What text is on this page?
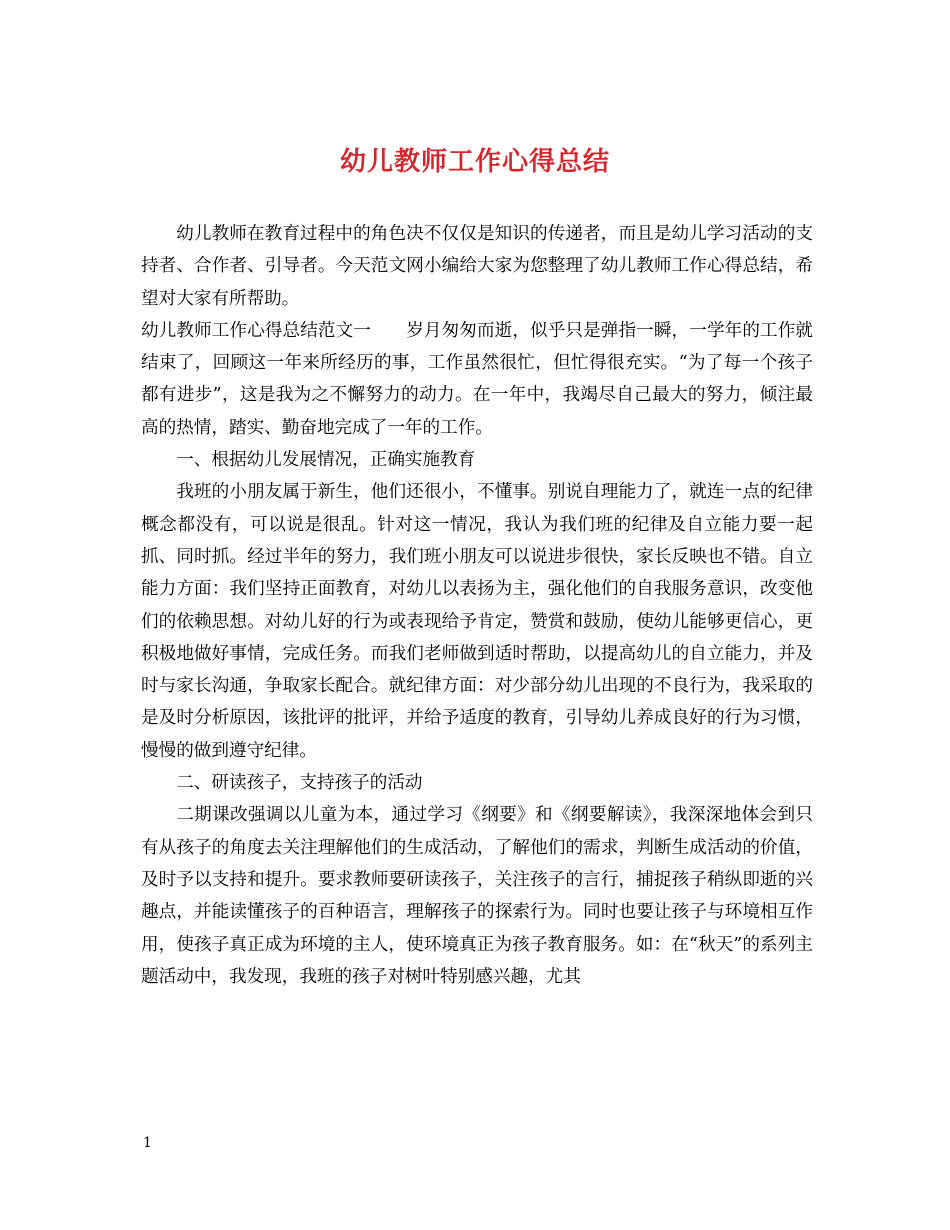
幼儿教师工作心得总结

幼儿教师在教育过程中的角色决不仅仅是知识的传递者，而且是幼儿学习活动的支持者、合作者、引导者。今天范文网小编给大家为您整理了幼儿教师工作心得总结，希望对大家有所帮助。

幼儿教师工作心得总结范文一 岁月匆匆而逝，似乎只是弹指一瞬，一学年的工作就结束了，回顾这一年来所经历的事，工作虽然很忙，但忙得很充实。“为了每一个孩子都有进步”，这是我为之不懈努力的动力。在一年中，我竭尽自己最大的努力，倾注最高的热情，踏实、勤奋地完成了一年的工作。

一、根据幼儿发展情况，正确实施教育

我班的小朋友属于新生，他们还很小，不懂事。别说自理能力了，就连一点的纪律概念都没有，可以说是很乱。针对这一情况，我认为我们班的纪律及自立能力要一起抓、同时抓。经过半年的努力，我们班小朋友可以说进步很快，家长反映也不错。自立能力方面：我们坚持正面教育，对幼儿以表扬为主，强化他们的自我服务意识，改变他们的依赖思想。对幼儿好的行为或表现给予肯定，赞赏和鼓励，使幼儿能够更信心，更积极地做好事情，完成任务。而我们老师做到适时帮助，以提高幼儿的自立能力，并及时与家长沟通，争取家长配合。就纪律方面：对少部分幼儿出现的不良行为，我采取的是及时分析原因，该批评的批评，并给予适度的教育，引导幼儿养成良好的行为习惯，慢慢的做到遵守纪律。

二、研读孩子，支持孩子的活动

二期课改强调以儿童为本，通过学习《纲要》和《纲要解读》，我深深地体会到只有从孩子的角度去关注理解他们的生成活动，了解他们的需求，判断生成活动的价值，及时予以支持和提升。要求教师要研读孩子，关注孩子的言行，捕捉孩子稍纵即逝的兴趣点，并能读懂孩子的百种语言，理解孩子的探索行为。同时也要让孩子与环境相互作用，使孩子真正成为环境的主人，使环境真正为孩子教育服务。如：在“秋天”的系列主题活动中，我发现，我班的孩子对树叶特别感兴趣，尤其

1
